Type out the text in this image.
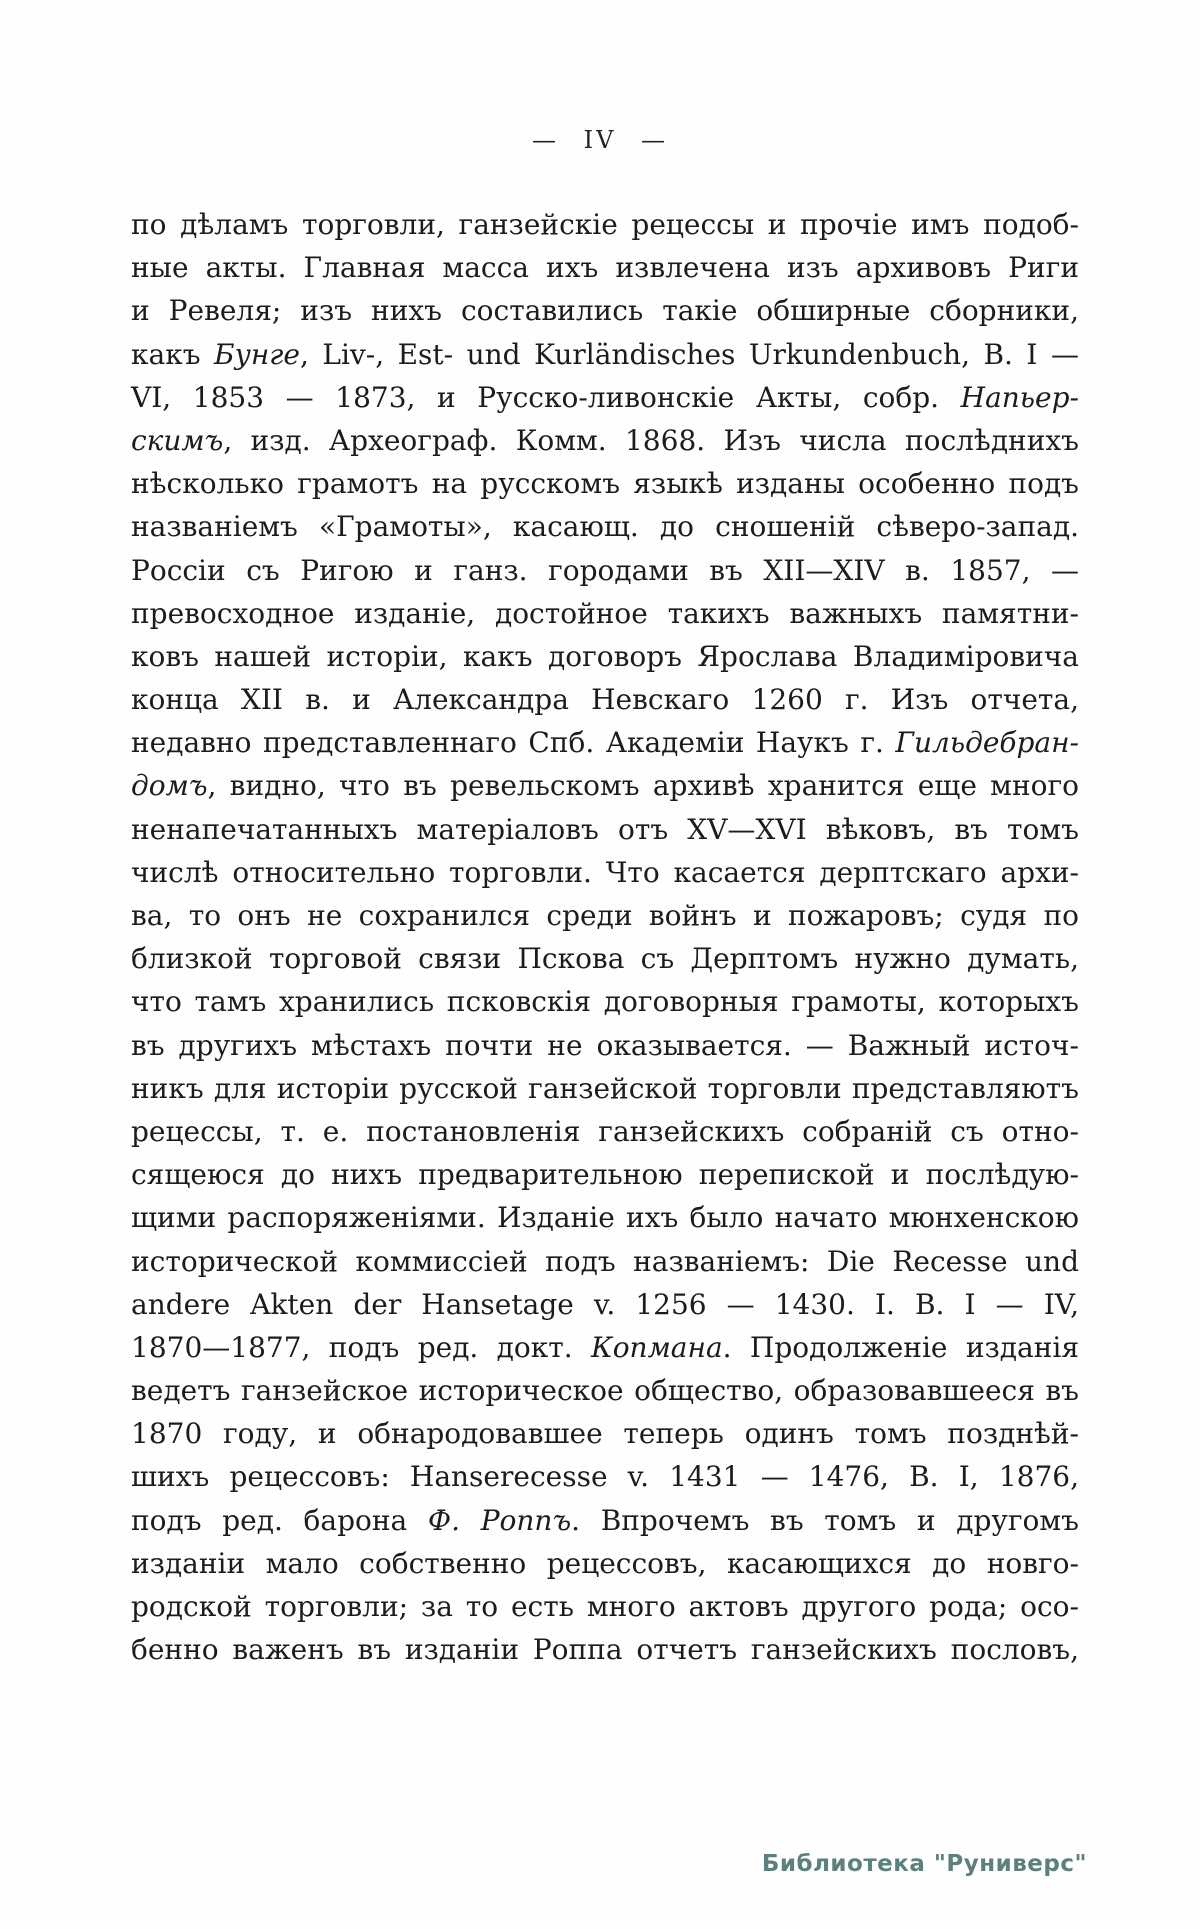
— IV —
по дѣламъ торговли, ганзейскіе рецессы и прочіе имъ подоб-
ные акты. Главная масса ихъ извлечена изъ архивовъ Риги
и Ревеля; изъ нихъ составились такіе обширные сборники,
какъ Бунге, Liv-, Est- und Kurländisches Urkundenbuch, B. I —
VI, 1853 — 1873, и Русско-ливонскіе Акты, собр. Напьер-
скимъ, изд. Археограф. Комм. 1868. Изъ числа послѣднихъ
нѣсколько грамотъ на русскомъ языкѣ изданы особенно подъ
названіемъ «Грамоты», касающ. до сношеній сѣверо-запад.
Россіи съ Ригою и ганз. городами въ XII—XIV в. 1857, —
превосходное изданіе, достойное такихъ важныхъ памятни-
ковъ нашей исторіи, какъ договоръ Ярослава Владиміровича
конца XII в. и Александра Невскаго 1260 г. Изъ отчета,
недавно представленнаго Спб. Академіи Наукъ г. Гильдебран-
домъ, видно, что въ ревельскомъ архивѣ хранится еще много
ненапечатанныхъ матеріаловъ отъ XV—XVI вѣковъ, въ томъ
числѣ относительно торговли. Что касается дерптскаго архи-
ва, то онъ не сохранился среди войнъ и пожаровъ; судя по
близкой торговой связи Пскова съ Дерптомъ нужно думать,
что тамъ хранились псковскія договорныя грамоты, которыхъ
въ другихъ мѣстахъ почти не оказывается. — Важный источ-
никъ для исторіи русской ганзейской торговли представляютъ
рецессы, т. е. постановленія ганзейскихъ собраній съ отно-
сящеюся до нихъ предварительною перепиской и послѣдую-
щими распоряженіями. Изданіе ихъ было начато мюнхенскою
исторической коммиссіей подъ названіемъ: Die Recesse und
andere Akten der Hansetage v. 1256 — 1430. I. B. I — IV,
1870—1877, подъ ред. докт. Копмана. Продолженіе изданія
ведетъ ганзейское историческое общество, образовавшееся въ
1870 году, и обнародовавшее теперь одинъ томъ позднѣй-
шихъ рецессовъ: Hanserecesse v. 1431 — 1476, B. I, 1876,
подъ ред. барона Ф. Роппъ. Впрочемъ въ томъ и другомъ
изданіи мало собственно рецессовъ, касающихся до новго-
родской торговли; за то есть много актовъ другого рода; осо-
бенно важенъ въ изданіи Роппа отчетъ ганзейскихъ пословъ,
Библиотека "Руниверс"
